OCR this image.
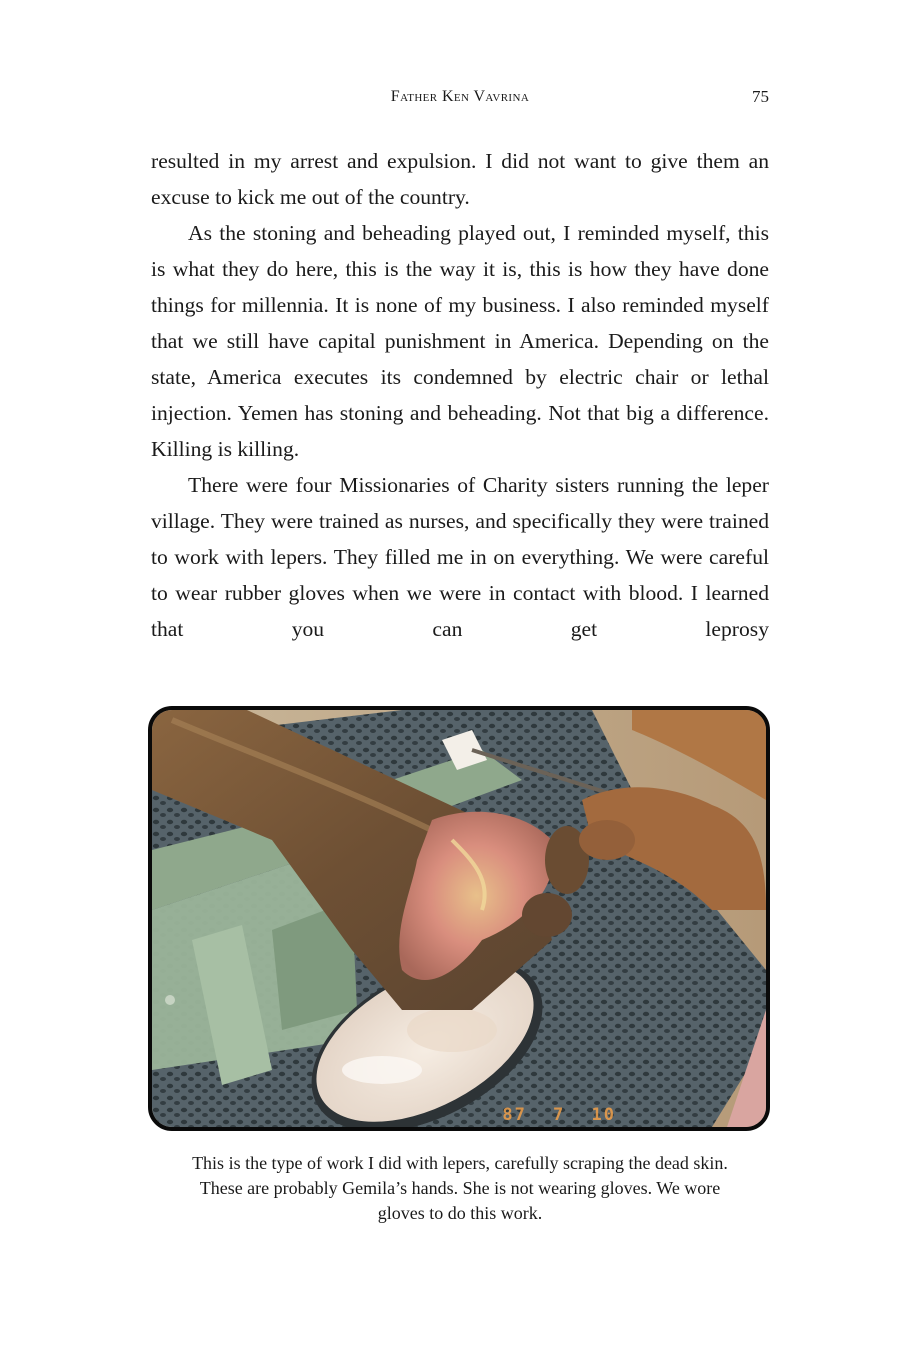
Father Ken Vavrina	75

resulted in my arrest and expulsion. I did not want to give them an excuse to kick me out of the country.

As the stoning and beheading played out, I reminded myself, this is what they do here, this is the way it is, this is how they have done things for millennia. It is none of my business. I also reminded myself that we still have capital punishment in America. Depending on the state, America executes its condemned by electric chair or lethal injection. Yemen has stoning and beheading. Not that big a difference. Killing is killing.

There were four Missionaries of Charity sisters running the leper village. They were trained as nurses, and specifically they were trained to work with lepers. They filled me in on everything. We were careful to wear rubber gloves when we were in contact with blood. I learned that you can get leprosy

87 7 10
This is the type of work I did with lepers, carefully scraping the dead skin.
These are probably Gemila’s hands. She is not wearing gloves. We wore
gloves to do this work.
